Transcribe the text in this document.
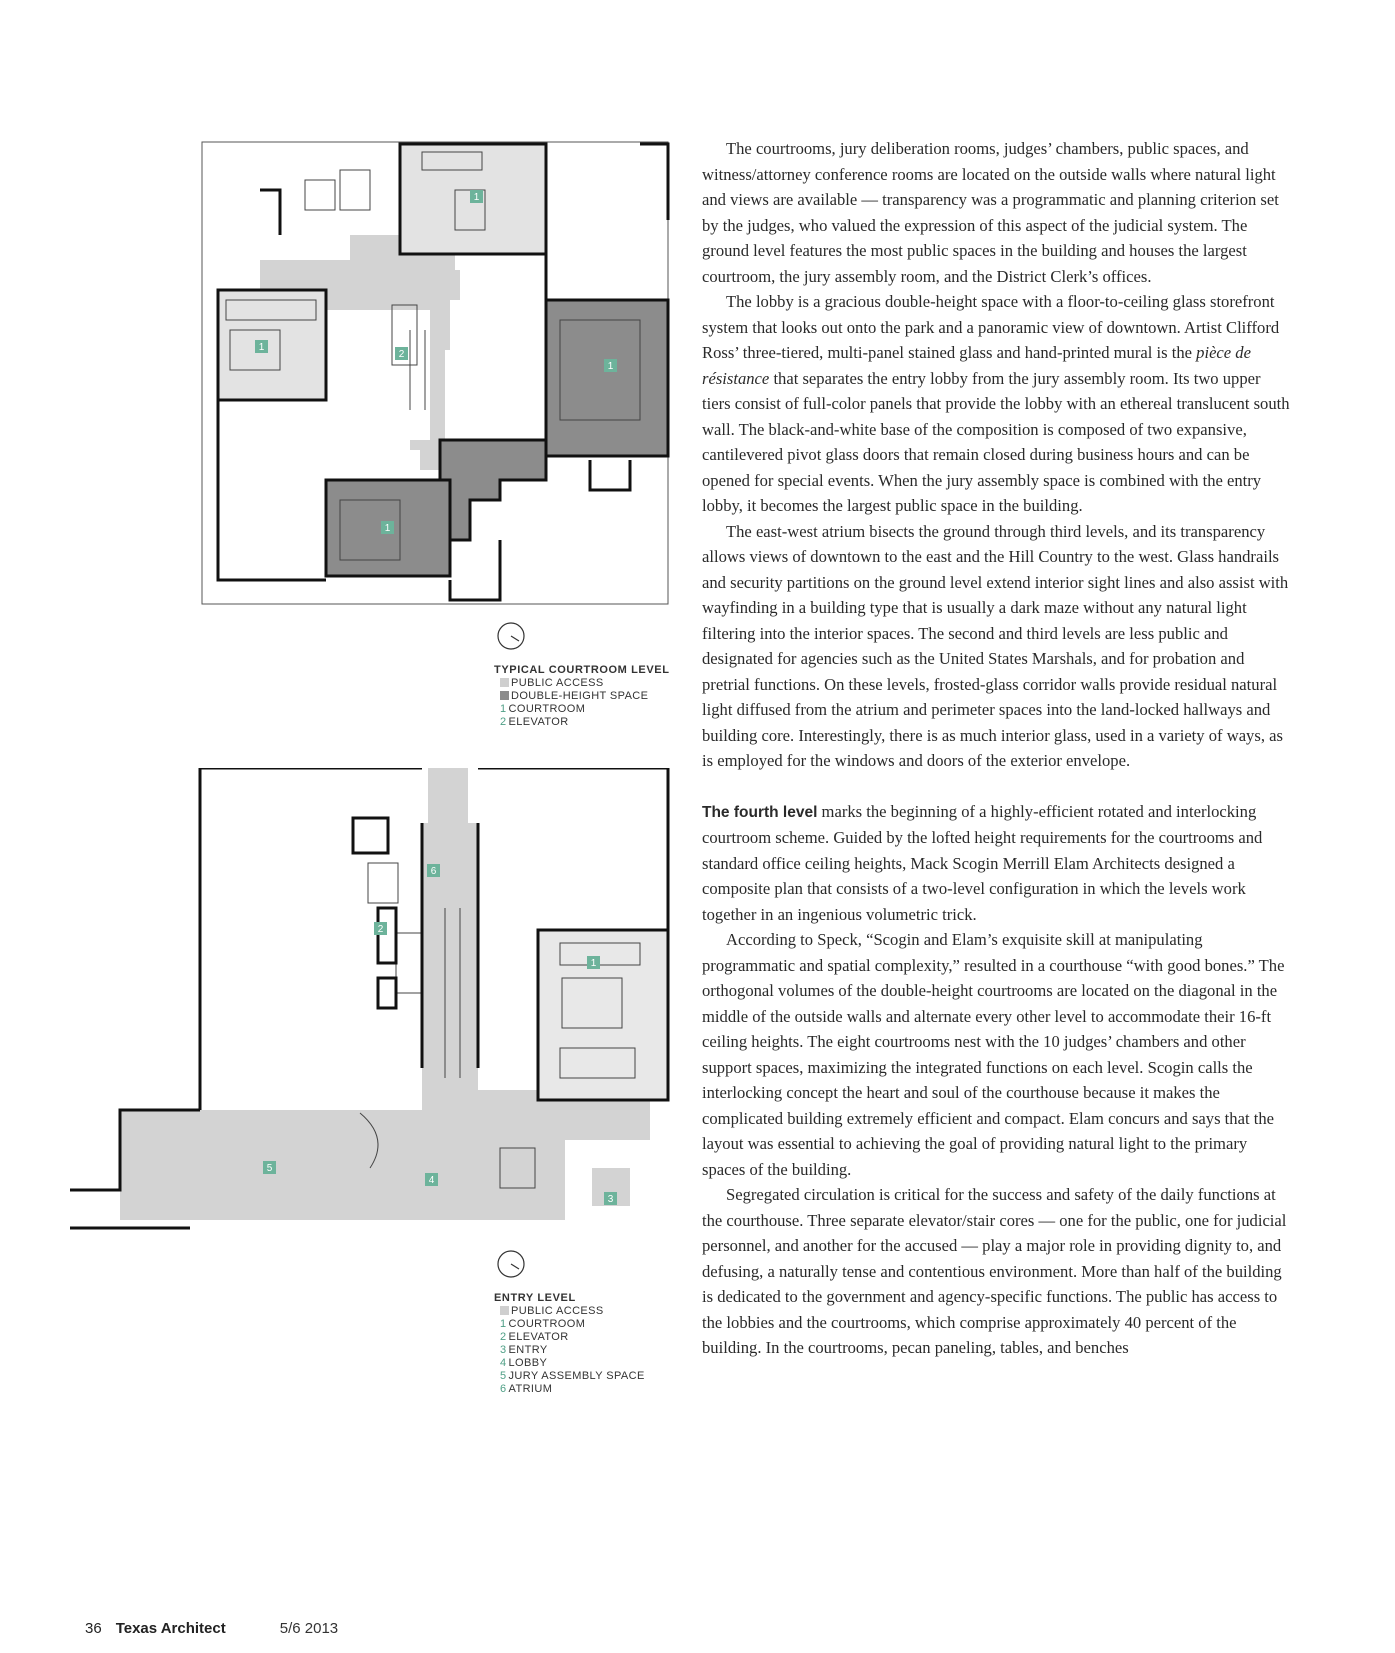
1
1
1
1
2
TYPICAL COURTROOM LEVEL
PUBLIC ACCESS
DOUBLE-HEIGHT SPACE
1 COURTROOM
2 ELEVATOR
6
2
1
5
4
3
ENTRY LEVEL
PUBLIC ACCESS
1 COURTROOM
2 ELEVATOR
3 ENTRY
4 LOBBY
5 JURY ASSEMBLY SPACE
6 ATRIUM

The courtrooms, jury deliberation rooms, judges’ chambers, public spaces, and witness/attorney conference rooms are located on the outside walls where natural light and views are available — transparency was a programmatic and planning criterion set by the judges, who valued the expression of this aspect of the judicial system. The ground level features the most public spaces in the building and houses the largest courtroom, the jury assembly room, and the District Clerk’s offices.

The lobby is a gracious double-height space with a floor-to-ceiling glass storefront system that looks out onto the park and a panoramic view of downtown. Artist Clifford Ross’ three-tiered, multi-panel stained glass and hand-printed mural is the pièce de résistance that separates the entry lobby from the jury assembly room. Its two upper tiers consist of full-color panels that provide the lobby with an ethereal translucent south wall. The black-and-white base of the composition is composed of two expansive, cantilevered pivot glass doors that remain closed during business hours and can be opened for special events. When the jury assembly space is combined with the entry lobby, it becomes the largest public space in the building.

The east-west atrium bisects the ground through third levels, and its transparency allows views of downtown to the east and the Hill Country to the west. Glass handrails and security partitions on the ground level extend interior sight lines and also assist with wayfinding in a building type that is usually a dark maze without any natural light filtering into the interior spaces. The second and third levels are less public and designated for agencies such as the United States Marshals, and for probation and pretrial functions. On these levels, frosted-glass corridor walls provide residual natural light diffused from the atrium and perimeter spaces into the land-locked hallways and building core. Interestingly, there is as much interior glass, used in a variety of ways, as is employed for the windows and doors of the exterior envelope.

The fourth level marks the beginning of a highly-efficient rotated and interlocking courtroom scheme. Guided by the lofted height requirements for the courtrooms and standard office ceiling heights, Mack Scogin Merrill Elam Architects designed a composite plan that consists of a two-level configuration in which the levels work together in an ingenious volumetric trick.

According to Speck, “Scogin and Elam’s exquisite skill at manipulating programmatic and spatial complexity,” resulted in a courthouse “with good bones.” The orthogonal volumes of the double-height courtrooms are located on the diagonal in the middle of the outside walls and alternate every other level to accommodate their 16-ft ceiling heights. The eight courtrooms nest with the 10 judges’ chambers and other support spaces, maximizing the integrated functions on each level. Scogin calls the interlocking concept the heart and soul of the courthouse because it makes the complicated building extremely efficient and compact. Elam concurs and says that the layout was essential to achieving the goal of providing natural light to the primary spaces of the building.

Segregated circulation is critical for the success and safety of the daily functions at the courthouse. Three separate elevator/stair cores — one for the public, one for judicial personnel, and another for the accused — play a major role in providing dignity to, and defusing, a naturally tense and contentious environment. More than half of the building is dedicated to the government and agency-specific functions. The public has access to the lobbies and the courtrooms, which comprise approximately 40 percent of the building. In the courtrooms, pecan paneling, tables, and benches

36 Texas Architect	5/6 2013
